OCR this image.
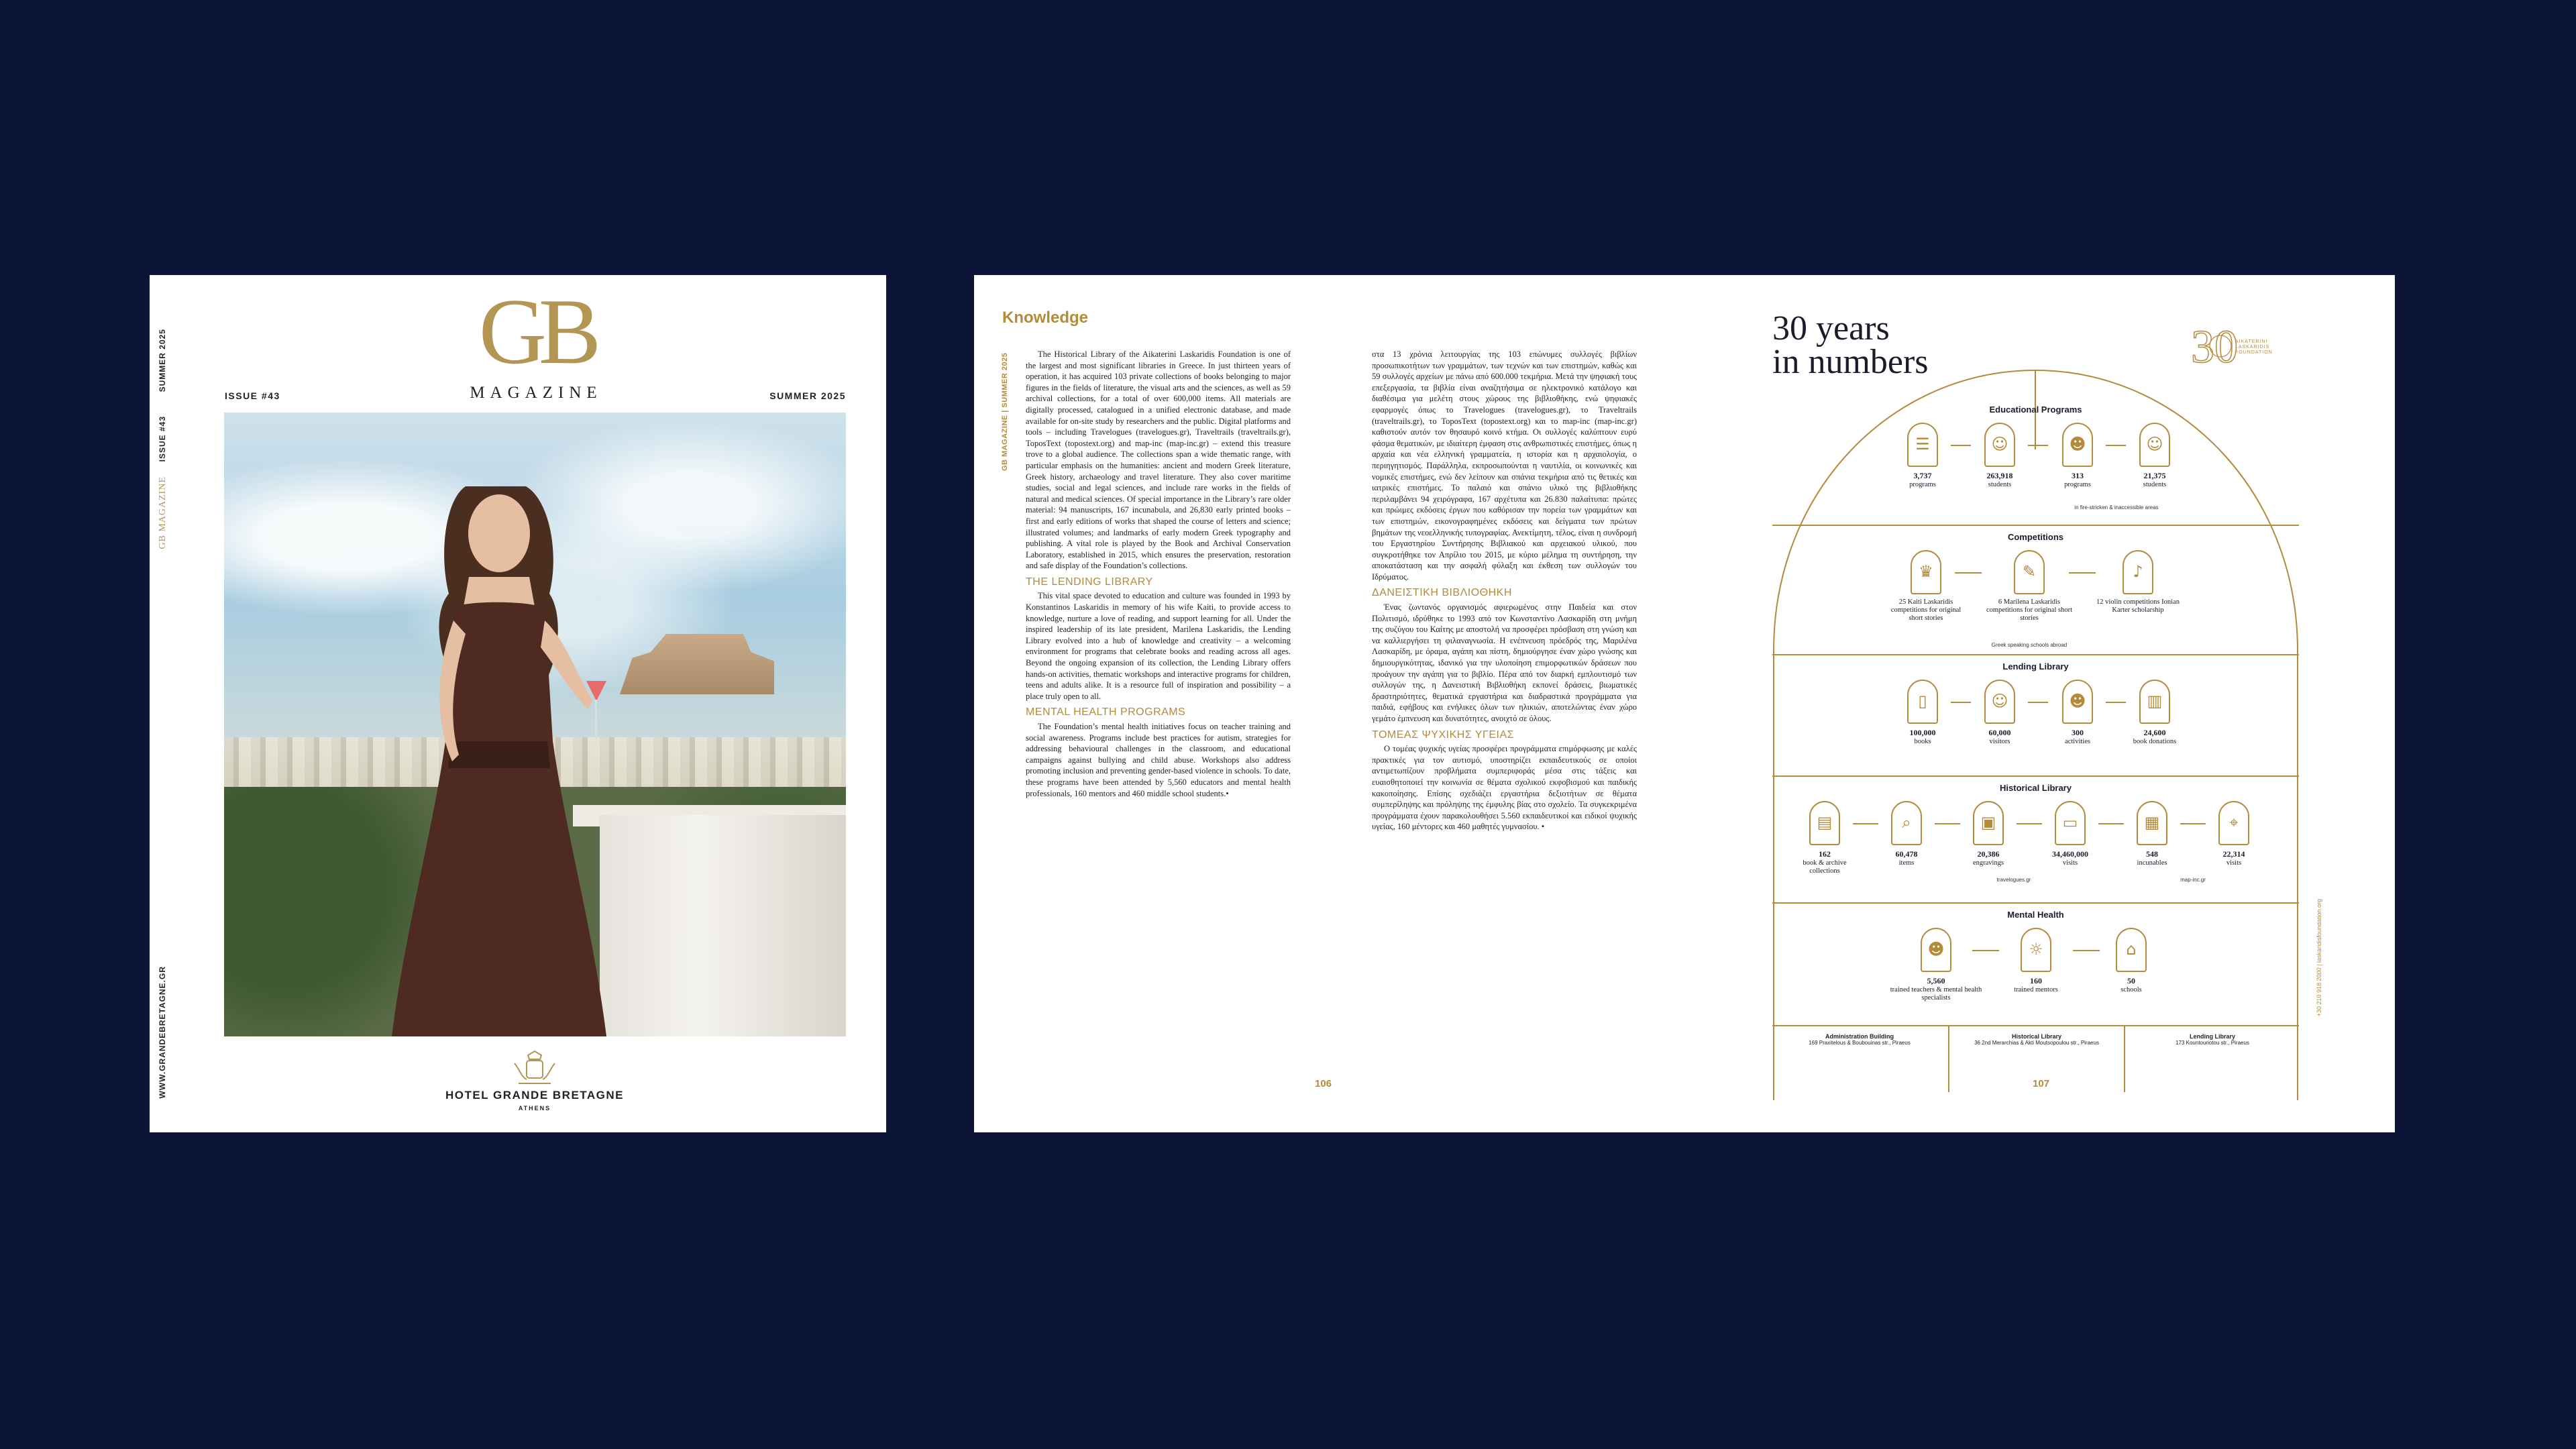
SUMMER 2025
ISSUE #43
GB MAGAZINE
WWW.GRANDEBRETAGNE.GR
GB
MAGAZINE
ISSUE #43	SUMMER 2025
HOTEL GRANDE BRETAGNE
ATHENS
Knowledge
GB MAGAZINE | SUMMER 2025	The Historical Library of the Aikaterini Laskaridis Foundation is one of the largest and most significant libraries in Greece. In just thirteen years of operation, it has acquired 103 private collections of books belonging to major figures in the fields of literature, the visual arts and the sciences, as well as 59 archival collections, for a total of over 600,000 items. All materials are digitally processed, catalogued in a unified electronic database, and made available for on-site study by researchers and the public. Digital platforms and tools – including Travelogues (travelogues.gr), Traveltrails (traveltrails.gr), ToposText (topostext.org) and map-inc (map-inc.gr) – extend this treasure trove to a global audience. The collections span a wide thematic range, with particular emphasis on the humanities: ancient and modern Greek literature, Greek history, archaeology and travel literature. They also cover maritime studies, social and legal sciences, and include rare works in the fields of natural and medical sciences. Of special importance in the Library’s rare older material: 94 manuscripts, 167 incunabula, and 26,830 early printed books – first and early editions of works that shaped the course of letters and science; illustrated volumes; and landmarks of early modern Greek typography and publishing. A vital role is played by the Book and Archival Conservation Laboratory, established in 2015, which ensures the preservation, restoration and safe display of the Foundation’s collections.

THE LENDING LIBRARY

This vital space devoted to education and culture was founded in 1993 by Konstantinos Laskaridis in memory of his wife Kaiti, to provide access to knowledge, nurture a love of reading, and support learning for all. Under the inspired leadership of its late president, Marilena Laskaridis, the Lending Library evolved into a hub of knowledge and creativity – a welcoming environment for programs that celebrate books and reading across all ages. Beyond the ongoing expansion of its collection, the Lending Library offers hands-on activities, thematic workshops and interactive programs for children, teens and adults alike. It is a resource full of inspiration and possibility – a place truly open to all.

MENTAL HEALTH PROGRAMS

The Foundation’s mental health initiatives focus on teacher training and social awareness. Programs include best practices for autism, strategies for addressing behavioural challenges in the classroom, and educational campaigns against bullying and child abuse. Workshops also address promoting inclusion and preventing gender-based violence in schools. To date, these programs have been attended by 5,560 educators and mental health professionals, 160 mentors and 460 middle school students.•

στα 13 χρόνια λειτουργίας της 103 επώνυμες συλλογές βιβλίων προσωπικοτήτων των γραμμάτων, των τεχνών και των επιστημών, καθώς και 59 συλλογές αρχείων με πάνω από 600.000 τεκμήρια. Μετά την ψηφιακή τους επεξεργασία, τα βιβλία είναι αναζητήσιμα σε ηλεκτρονικό κατάλογο και διαθέσιμα για μελέτη στους χώρους της βιβλιοθήκης, ενώ ψηφιακές εφαρμογές όπως το Travelogues (travelogues.gr), το Traveltrails (traveltrails.gr), το ToposText (topostext.org) και το map-inc (map-inc.gr) καθιστούν αυτόν τον θησαυρό κοινό κτήμα. Οι συλλογές καλύπτουν ευρύ φάσμα θεματικών, με ιδιαίτερη έμφαση στις ανθρωπιστικές επιστήμες, όπως η αρχαία και νέα ελληνική γραμματεία, η ιστορία και η αρχαιολογία, ο περιηγητισμός. Παράλληλα, εκπροσωπούνται η ναυτιλία, οι κοινωνικές και νομικές επιστήμες, ενώ δεν λείπουν και σπάνια τεκμήρια από τις θετικές και ιατρικές επιστήμες. Το παλαιό και σπάνιο υλικό της βιβλιοθήκης περιλαμβάνει 94 χειρόγραφα, 167 αρχέτυπα και 26.830 παλαίτυπα: πρώτες και πρώιμες εκδόσεις έργων που καθόρισαν την πορεία των γραμμάτων και των επιστημών, εικονογραφημένες εκδόσεις και δείγματα των πρώτων βημάτων της νεοελληνικής τυπογραφίας. Ανεκτίμητη, τέλος, είναι η συνδρομή του Εργαστηρίου Συντήρησης Βιβλιακού και αρχειακού υλικού, που συγκροτήθηκε τον Απρίλιο του 2015, με κύριο μέλημα τη συντήρηση, την αποκατάσταση και την ασφαλή φύλαξη και έκθεση των συλλογών του Ιδρύματος.

ΔΑΝΕΙΣΤΙΚΗ ΒΙΒΛΙΟΘΗΚΗ

Ένας ζωντανός οργανισμός αφιερωμένος στην Παιδεία και στον Πολιτισμό, ιδρύθηκε το 1993 από τον Κωνσταντίνο Λασκαρίδη στη μνήμη της συζύγου του Καίτης με αποστολή να προσφέρει πρόσβαση στη γνώση και να καλλιεργήσει τη φιλαναγνωσία. Η ενέπνευση πρόεδρός της, Μαριλένα Λασκαρίδη, με όραμα, αγάπη και πίστη, δημιούργησε έναν χώρο γνώσης και δημιουργικότητας, ιδανικό για την υλοποίηση επιμορφωτικών δράσεων που προάγουν την αγάπη για το βιβλίο. Πέρα από τον διαρκή εμπλουτισμό των συλλογών της, η Δανειστική Βιβλιοθήκη εκπονεί δράσεις, βιωματικές δραστηριότητες, θεματικά εργαστήρια και διαδραστικά προγράμματα για παιδιά, εφήβους και ενήλικες όλων των ηλικιών, αποτελώντας έναν χώρο γεμάτο έμπνευση και δυνατότητες, ανοιχτό σε όλους.

ΤΟΜΕΑΣ ΨΥΧΙΚΗΣ ΥΓΕΙΑΣ

Ο τομέας ψυχικής υγείας προσφέρει προγράμματα επιμόρφωσης με καλές πρακτικές για τον αυτισμό, υποστηρίζει εκπαιδευτικούς σε οποίοι αντιμετωπίζουν προβλήματα συμπεριφοράς μέσα στις τάξεις και ευαισθητοποιεί την κοινωνία σε θέματα σχολικού εκφοβισμού και παιδικής κακοποίησης. Επίσης σχεδιάζει εργαστήρια δεξιοτήτων σε θέματα συμπερίληψης και πρόληψης της έμφυλης βίας στο σχολείο. Τα συγκεκριμένα προγράμματα έχουν παρακολουθήσει 5.560 εκπαιδευτικοί και ειδικοί ψυχικής υγείας, 160 μέντορες και 460 μαθητές γυμνασίου. •

106	107
30 years
in numbers	30
AIKATERINI
LASKARIDIS
FOUNDATION
Educational Programs
☰
3,737
programs
☺
263,918
students
☻
313
programs
☺
21,375
students
in fire-stricken & inaccessible areas
Competitions
♛
25 Kaiti Laskaridis competitions for original short stories
✎
6 Marilena Laskaridis competitions for original short stories
♪
12 violin competitions Ionian Karter scholarship
Greek speaking schools abroad
Lending Library
▯
100,000
books
☺
60,000
visitors
☻
300
activities
▥
24,600
book donations
Historical Library
▤
162
book & archive collections
⌕
60,478
items
▣
20,386
engravings
▭
34,460,000
visits
▦
548
incunables
⌖
22,314
visits
travelogues.gr	map-inc.gr
Mental Health
☻
5,560
trained teachers & mental health specialists
☼
160
trained mentors
⌂
50
schools
Administration Building
169 Praxitelous & Boubouinas str., Piraeus
Historical Library
36 2nd Merarchias & Akti Moutsopoulou str., Piraeus
Lending Library
173 Kountouriotou str., Piraeus
+30 210 918 2000 | laskaridisfoundation.org
